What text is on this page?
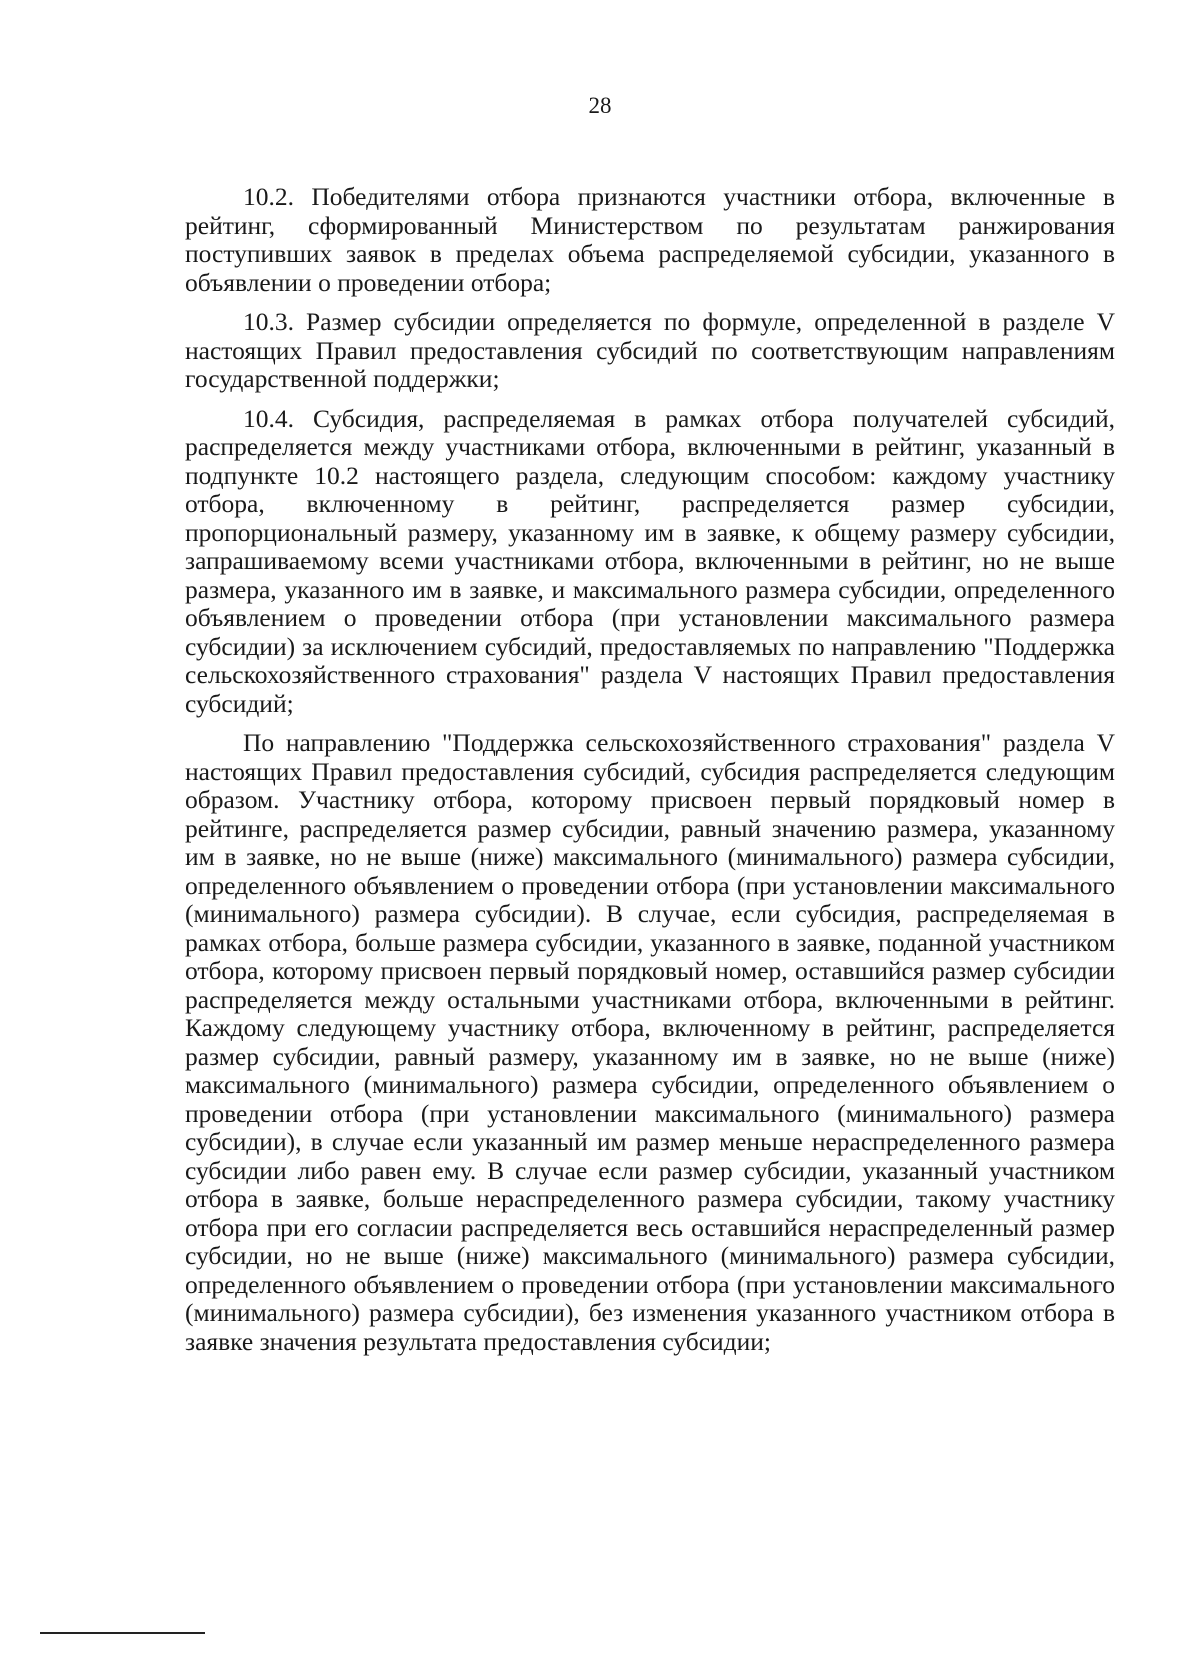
28

10.2. Победителями отбора признаются участники отбора, включенные в рейтинг, сформированный Министерством по результатам ранжирования поступивших заявок в пределах объема распределяемой субсидии, указанного в объявлении о проведении отбора;

10.3. Размер субсидии определяется по формуле, определенной в разделе V настоящих Правил предоставления субсидий по соответствующим направлениям государственной поддержки;

10.4. Субсидия, распределяемая в рамках отбора получателей субсидий, распределяется между участниками отбора, включенными в рейтинг, указанный в подпункте 10.2 настоящего раздела, следующим способом: каждому участнику отбора, включенному в рейтинг, распределяется размер субсидии, пропорциональный размеру, указанному им в заявке, к общему размеру субсидии, запрашиваемому всеми участниками отбора, включенными в рейтинг, но не выше размера, указанного им в заявке, и максимального размера субсидии, определенного объявлением о проведении отбора (при установлении максимального размера субсидии) за исключением субсидий, предоставляемых по направлению "Поддержка сельскохозяйственного страхования" раздела V настоящих Правил предоставления субсидий;

По направлению "Поддержка сельскохозяйственного страхования" раздела V настоящих Правил предоставления субсидий, субсидия распределяется следующим образом. Участнику отбора, которому присвоен первый порядковый номер в рейтинге, распределяется размер субсидии, равный значению размера, указанному им в заявке, но не выше (ниже) максимального (минимального) размера субсидии, определенного объявлением о проведении отбора (при установлении максимального (минимального) размера субсидии). В случае, если субсидия, распределяемая в рамках отбора, больше размера субсидии, указанного в заявке, поданной участником отбора, которому присвоен первый порядковый номер, оставшийся размер субсидии распределяется между остальными участниками отбора, включенными в рейтинг. Каждому следующему участнику отбора, включенному в рейтинг, распределяется размер субсидии, равный размеру, указанному им в заявке, но не выше (ниже) максимального (минимального) размера субсидии, определенного объявлением о проведении отбора (при установлении максимального (минимального) размера субсидии), в случае если указанный им размер меньше нераспределенного размера субсидии либо равен ему. В случае если размер субсидии, указанный участником отбора в заявке, больше нераспределенного размера субсидии, такому участнику отбора при его согласии распределяется весь оставшийся нераспределенный размер субсидии, но не выше (ниже) максимального (минимального) размера субсидии, определенного объявлением о проведении отбора (при установлении максимального (минимального) размера субсидии), без изменения указанного участником отбора в заявке значения результата предоставления субсидии;
